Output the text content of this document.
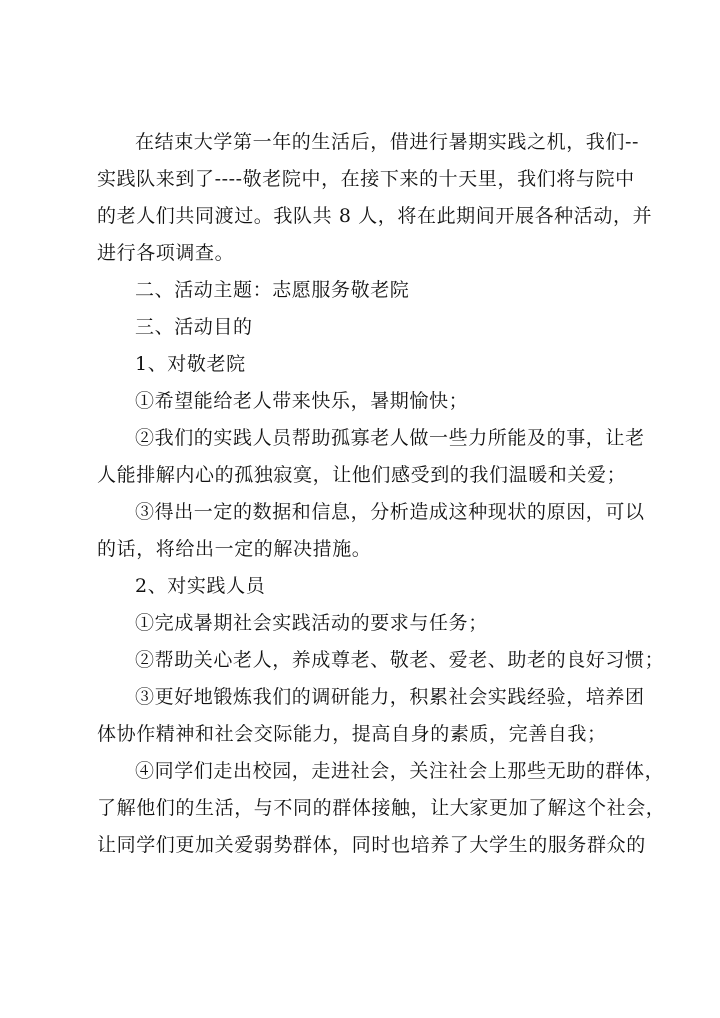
在结束大学第一年的生活后，借进行暑期实践之机，我们--
实践队来到了----敬老院中，在接下来的十天里，我们将与院中
的老人们共同渡过。我队共 8 人，将在此期间开展各种活动，并
进行各项调查。

二、活动主题：志愿服务敬老院

三、活动目的

1、对敬老院

①希望能给老人带来快乐，暑期愉快；

②我们的实践人员帮助孤寡老人做一些力所能及的事，让老
人能排解内心的孤独寂寞，让他们感受到的我们温暖和关爱；

③得出一定的数据和信息，分析造成这种现状的原因，可以
的话，将给出一定的解决措施。

2、对实践人员

①完成暑期社会实践活动的要求与任务；

②帮助关心老人，养成尊老、敬老、爱老、助老的良好习惯；

③更好地锻炼我们的调研能力，积累社会实践经验，培养团
体协作精神和社会交际能力，提高自身的素质，完善自我；

④同学们走出校园，走进社会，关注社会上那些无助的群体，
了解他们的生活，与不同的群体接触，让大家更加了解这个社会，
让同学们更加关爱弱势群体，同时也培养了大学生的服务群众的
